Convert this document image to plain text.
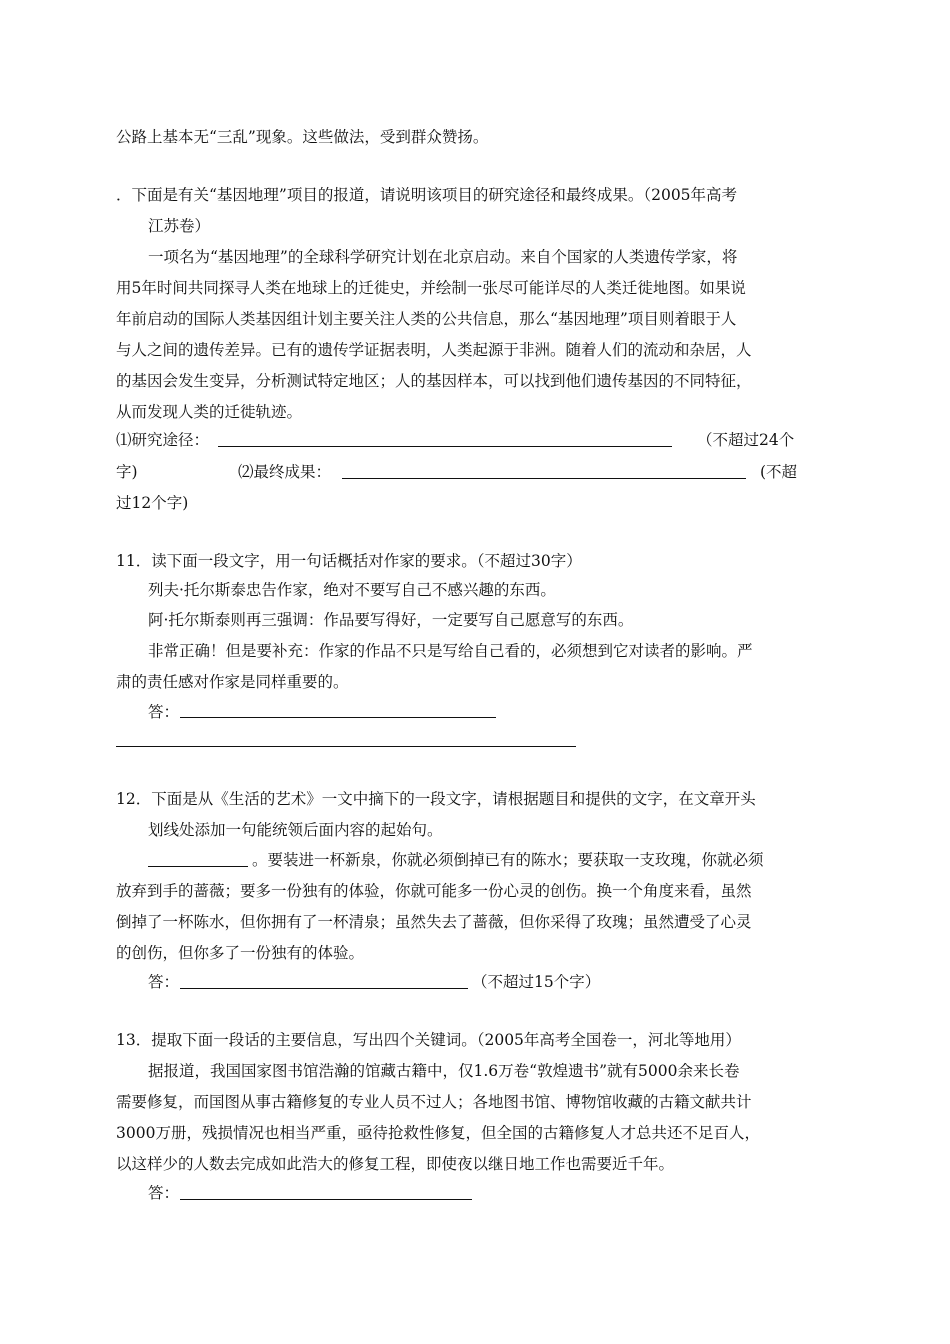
公路上基本无“三乱”现象。这些做法，受到群众赞扬。
．下面是有关“基因地理”项目的报道，请说明该项目的研究途径和最终成果。（2005年高考
江苏卷）
一项名为“基因地理”的全球科学研究计划在北京启动。来自个国家的人类遗传学家，将
用5年时间共同探寻人类在地球上的迁徙史，并绘制一张尽可能详尽的人类迁徙地图。如果说
年前启动的国际人类基因组计划主要关注人类的公共信息，那么“基因地理”项目则着眼于人
与人之间的遗传差异。已有的遗传学证据表明，人类起源于非洲。随着人们的流动和杂居，人
的基因会发生变异，分析测试特定地区；人的基因样本，可以找到他们遗传基因的不同特征，
从而发现人类的迁徙轨迹。
⑴研究途径：	（不超过24个
字)	⑵最终成果：	(不超
过12个字)
11．读下面一段文字，用一句话概括对作家的要求。（不超过30字）
列夫·托尔斯泰忠告作家，绝对不要写自己不感兴趣的东西。
阿·托尔斯泰则再三强调：作品要写得好，一定要写自己愿意写的东西。
非常正确！但是要补充：作家的作品不只是写给自己看的，必须想到它对读者的影响。严
肃的责任感对作家是同样重要的。
答：
12．下面是从《生活的艺术》一文中摘下的一段文字，请根据题目和提供的文字，在文章开头
划线处添加一句能统领后面内容的起始句。
。要装进一杯新泉，你就必须倒掉已有的陈水；要获取一支玫瑰，你就必须
放弃到手的蔷薇；要多一份独有的体验，你就可能多一份心灵的创伤。换一个角度来看，虽然
倒掉了一杯陈水，但你拥有了一杯清泉；虽然失去了蔷薇，但你采得了玫瑰；虽然遭受了心灵
的创伤，但你多了一份独有的体验。
答：	（不超过15个字）
13．提取下面一段话的主要信息，写出四个关键词。（2005年高考全国卷一，河北等地用）
据报道，我国国家图书馆浩瀚的馆藏古籍中，仅1.6万卷“敦煌遗书”就有5000余来长卷
需要修复，而国图从事古籍修复的专业人员不过人；各地图书馆、博物馆收藏的古籍文献共计
3000万册，残损情况也相当严重，亟待抢救性修复，但全国的古籍修复人才总共还不足百人，
以这样少的人数去完成如此浩大的修复工程，即使夜以继日地工作也需要近千年。
答：
